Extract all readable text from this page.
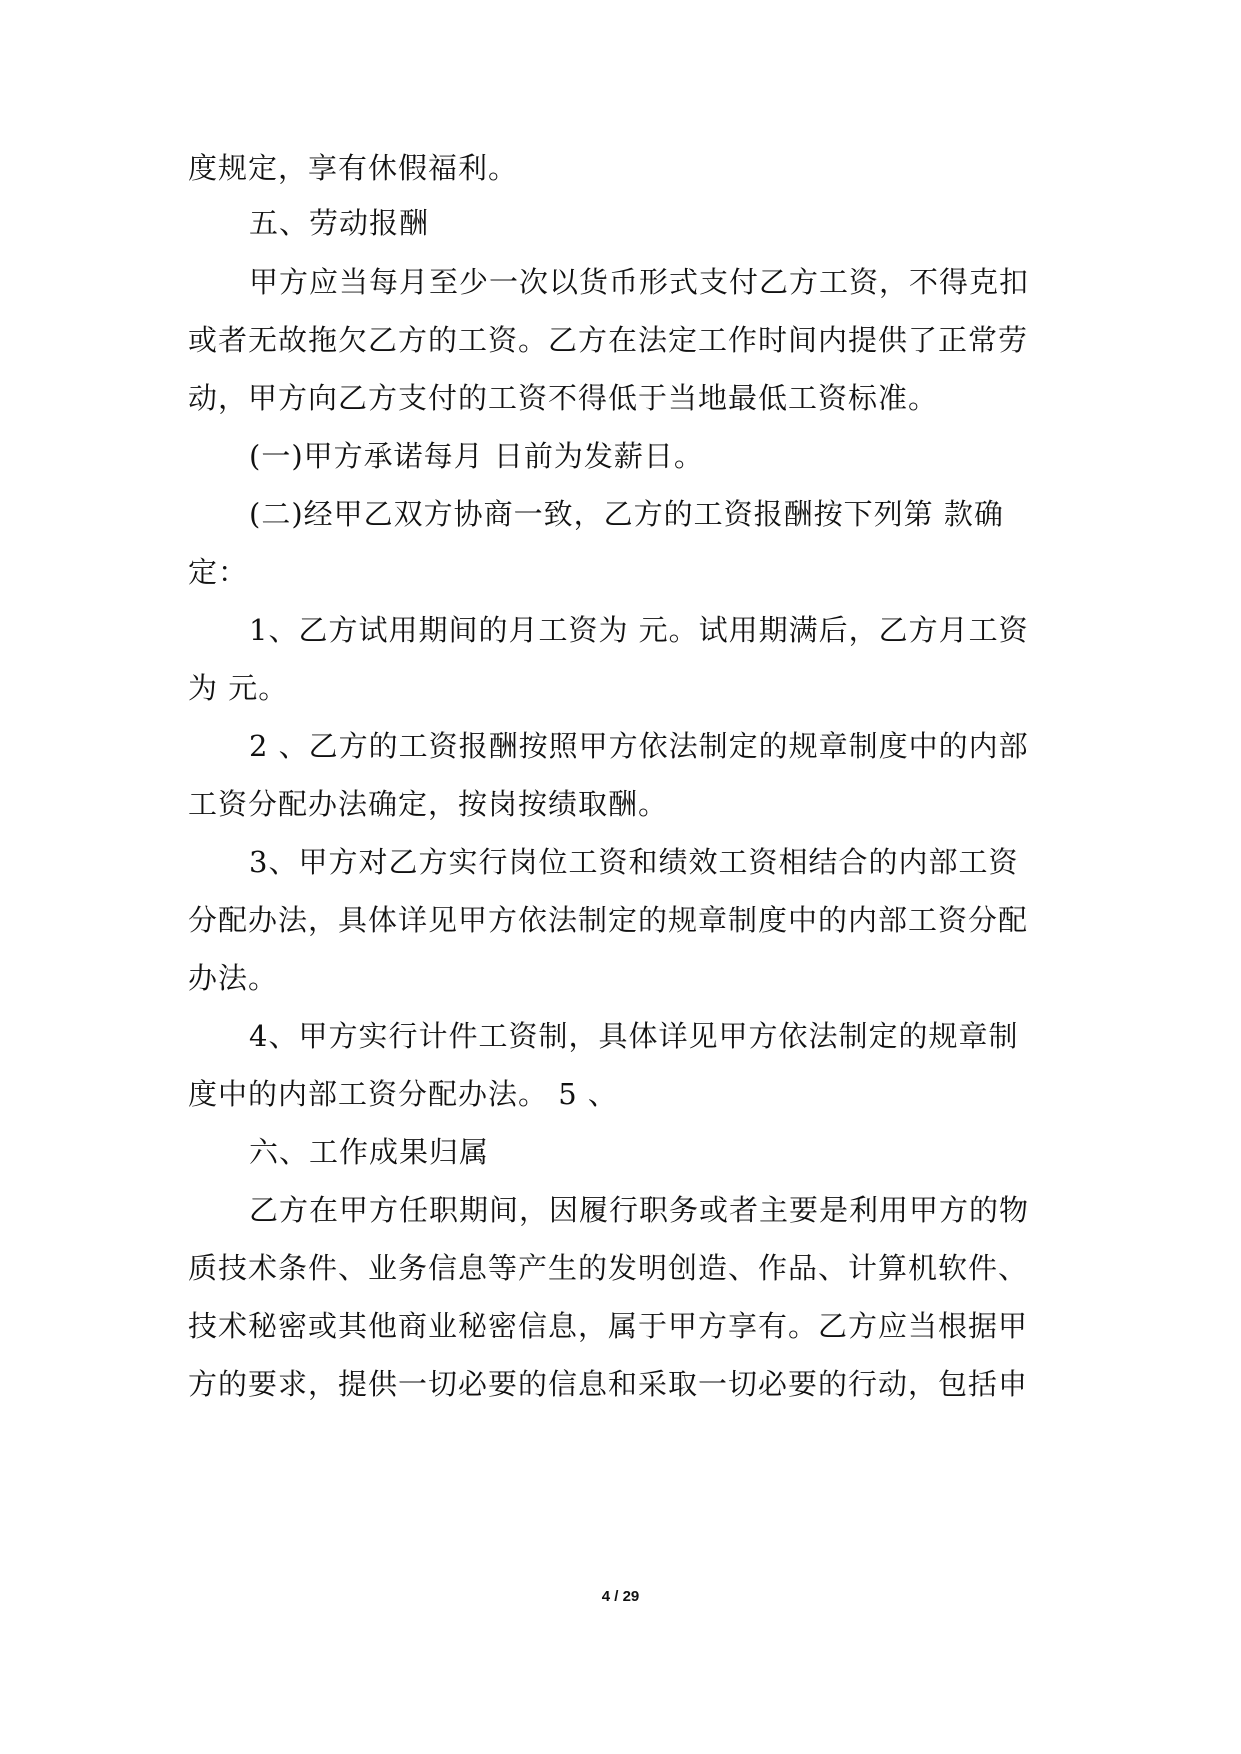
度规定，享有休假福利。
五、劳动报酬
甲方应当每月至少一次以货币形式支付乙方工资，不得克扣
或者无故拖欠乙方的工资。乙方在法定工作时间内提供了正常劳
动，甲方向乙方支付的工资不得低于当地最低工资标准。
(一)甲方承诺每月 日前为发薪日。
(二)经甲乙双方协商一致，乙方的工资报酬按下列第 款确
定：
1、乙方试用期间的月工资为 元。试用期满后，乙方月工资
为 元。
2 、乙方的工资报酬按照甲方依法制定的规章制度中的内部
工资分配办法确定，按岗按绩取酬。
3、甲方对乙方实行岗位工资和绩效工资相结合的内部工资
分配办法，具体详见甲方依法制定的规章制度中的内部工资分配
办法。
4、甲方实行计件工资制，具体详见甲方依法制定的规章制
度中的内部工资分配办法。 5 、
六、工作成果归属
乙方在甲方任职期间，因履行职务或者主要是利用甲方的物
质技术条件、业务信息等产生的发明创造、作品、计算机软件、
技术秘密或其他商业秘密信息，属于甲方享有。乙方应当根据甲
方的要求，提供一切必要的信息和采取一切必要的行动，包括申
4 / 29
